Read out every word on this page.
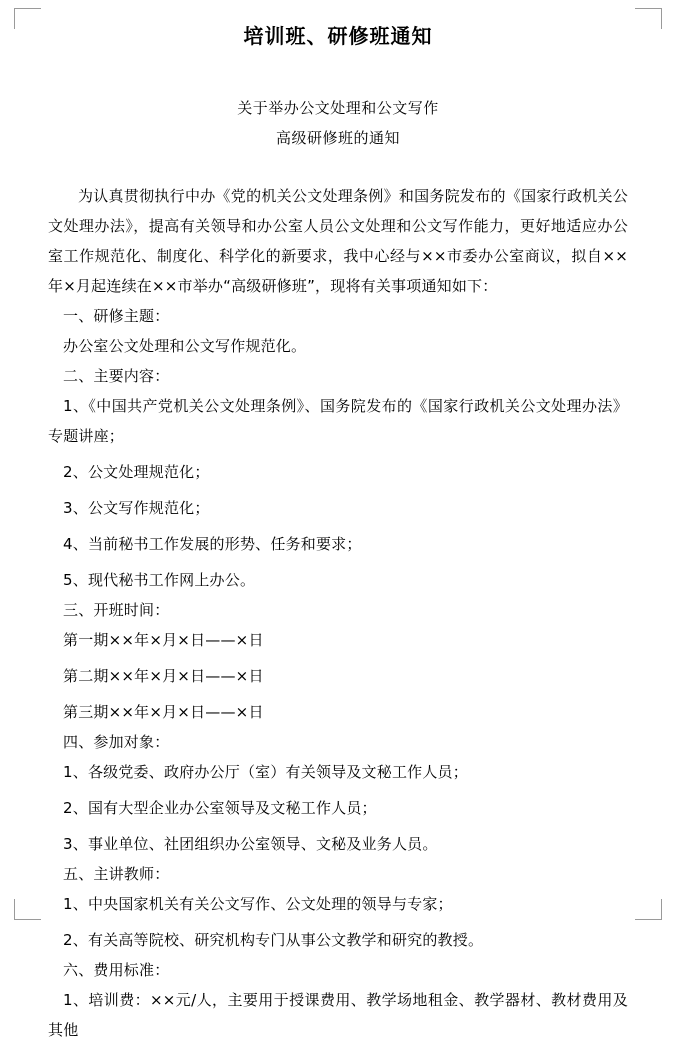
培训班、研修班通知
关于举办公文处理和公文写作
高级研修班的通知

为认真贯彻执行中办《党的机关公文处理条例》和国务院发布的《国家行政机关公文处理办法》，提高有关领导和办公室人员公文处理和公文写作能力，更好地适应办公室工作规范化、制度化、科学化的新要求，我中心经与××市委办公室商议，拟自××年×月起连续在××市举办“高级研修班”，现将有关事项通知如下：

一、研修主题：

办公室公文处理和公文写作规范化。

二、主要内容：

1、《中国共产党机关公文处理条例》、国务院发布的《国家行政机关公文处理办法》专题讲座；

2、公文处理规范化；

3、公文写作规范化；

4、当前秘书工作发展的形势、任务和要求；

5、现代秘书工作网上办公。

三、开班时间：

第一期××年×月×日——×日

第二期××年×月×日——×日

第三期××年×月×日——×日

四、参加对象：

1、各级党委、政府办公厅（室）有关领导及文秘工作人员；

2、国有大型企业办公室领导及文秘工作人员；

3、事业单位、社团组织办公室领导、文秘及业务人员。

五、主讲教师：

1、中央国家机关有关公文写作、公文处理的领导与专家；

2、有关高等院校、研究机构专门从事公文教学和研究的教授。

六、费用标准：

1、培训费：××元/人，主要用于授课费用、教学场地租金、教学器材、教材费用及其他
